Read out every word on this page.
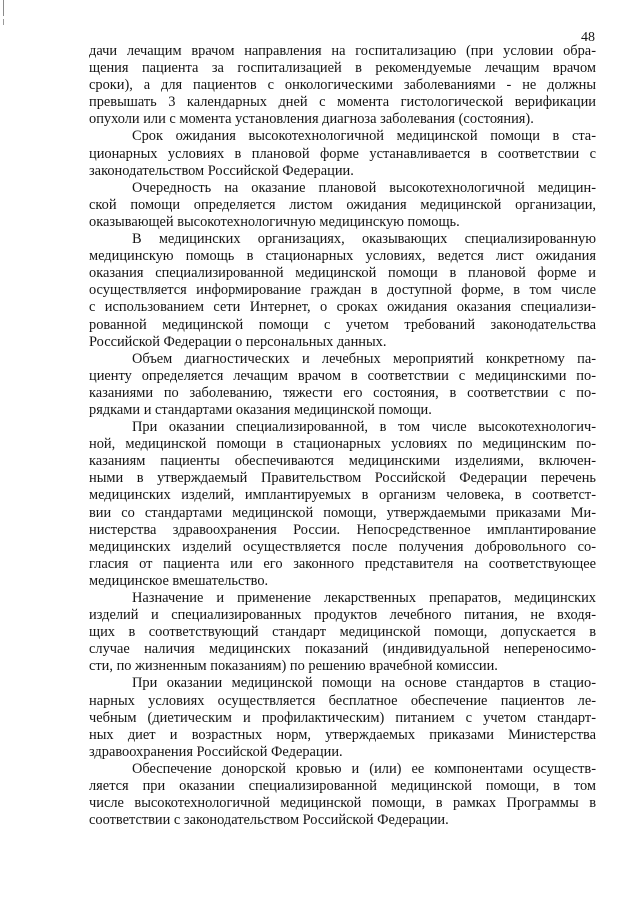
48
дачи лечащим врачом направления на госпитализацию (при условии обра-
щения пациента за госпитализацией в рекомендуемые лечащим врачом
сроки), а для пациентов с онкологическими заболеваниями - не должны
превышать 3 календарных дней с момента гистологической верификации
опухоли или с момента установления диагноза заболевания (состояния).
Срок ожидания высокотехнологичной медицинской помощи в ста-
ционарных условиях в плановой форме устанавливается в соответствии с
законодательством Российской Федерации.
Очередность на оказание плановой высокотехнологичной медицин-
ской помощи определяется листом ожидания медицинской организации,
оказывающей высокотехнологичную медицинскую помощь.
В медицинских организациях, оказывающих специализированную
медицинскую помощь в стационарных условиях, ведется лист ожидания
оказания специализированной медицинской помощи в плановой форме и
осуществляется информирование граждан в доступной форме, в том числе
с использованием сети Интернет, о сроках ожидания оказания специализи-
рованной медицинской помощи с учетом требований законодательства
Российской Федерации о персональных данных.
Объем диагностических и лечебных мероприятий конкретному па-
циенту определяется лечащим врачом в соответствии с медицинскими по-
казаниями по заболеванию, тяжести его состояния, в соответствии с по-
рядками и стандартами оказания медицинской помощи.
При оказании специализированной, в том числе высокотехнологич-
ной, медицинской помощи в стационарных условиях по медицинским по-
казаниям пациенты обеспечиваются медицинскими изделиями, включен-
ными в утверждаемый Правительством Российской Федерации перечень
медицинских изделий, имплантируемых в организм человека, в соответст-
вии со стандартами медицинской помощи, утверждаемыми приказами Ми-
нистерства здравоохранения России. Непосредственное имплантирование
медицинских изделий осуществляется после получения добровольного со-
гласия от пациента или его законного представителя на соответствующее
медицинское вмешательство.
Назначение и применение лекарственных препаратов, медицинских
изделий и специализированных продуктов лечебного питания, не входя-
щих в соответствующий стандарт медицинской помощи, допускается в
случае наличия медицинских показаний (индивидуальной непереносимо-
сти, по жизненным показаниям) по решению врачебной комиссии.
При оказании медицинской помощи на основе стандартов в стацио-
нарных условиях осуществляется бесплатное обеспечение пациентов ле-
чебным (диетическим и профилактическим) питанием с учетом стандарт-
ных диет и возрастных норм, утверждаемых приказами Министерства
здравоохранения Российской Федерации.
Обеспечение донорской кровью и (или) ее компонентами осуществ-
ляется при оказании специализированной медицинской помощи, в том
числе высокотехнологичной медицинской помощи, в рамках Программы в
соответствии с законодательством Российской Федерации.
